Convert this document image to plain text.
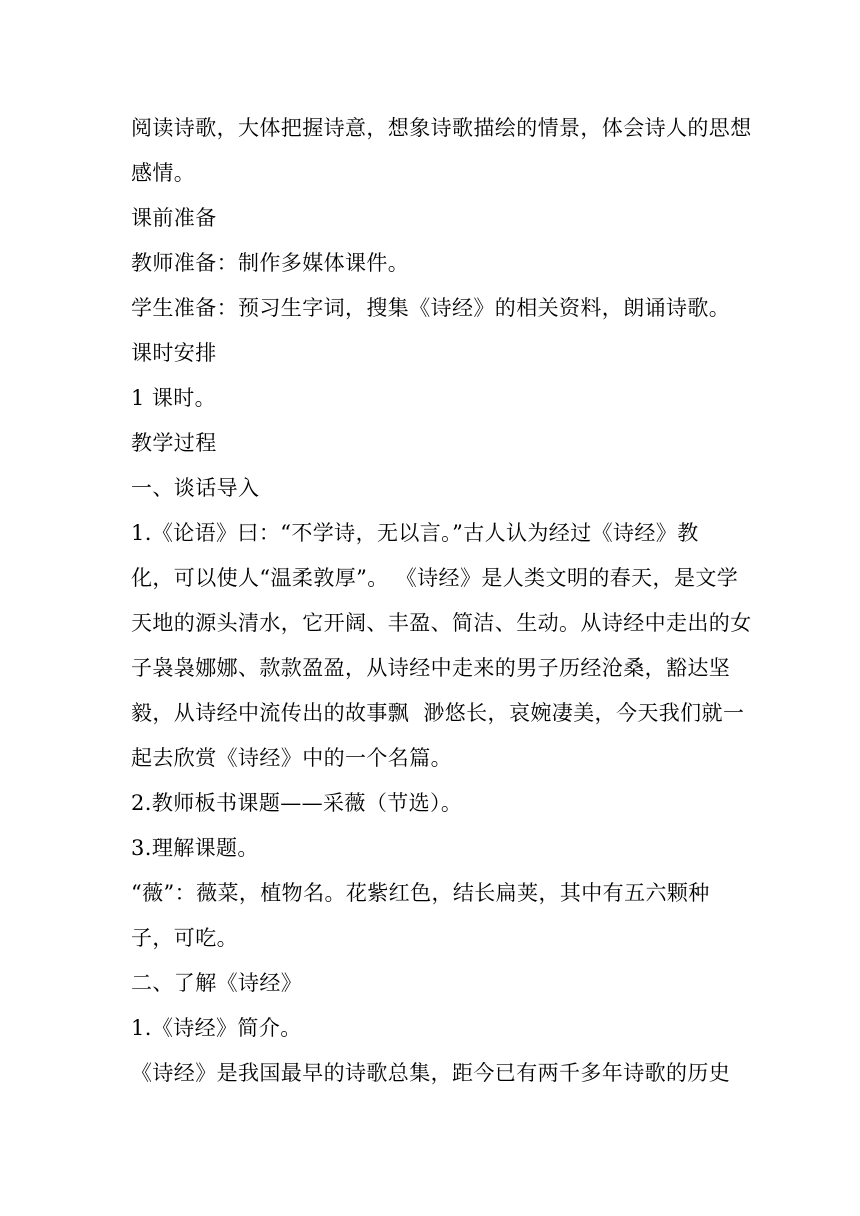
阅读诗歌，大体把握诗意，想象诗歌描绘的情景，体会诗人的思想

感情。

课前准备

教师准备：制作多媒体课件。

学生准备：预习生字词，搜集《诗经》的相关资料，朗诵诗歌。

课时安排

1 课时。

教学过程

一、谈话导入

1.《论语》曰：“不学诗，无以言。”古人认为经过《诗经》教

化，可以使人“温柔敦厚”。 《诗经》是人类文明的春天，是文学

天地的源头清水，它开阔、丰盈、简洁、生动。从诗经中走出的女

子袅袅娜娜、款款盈盈，从诗经中走来的男子历经沧桑，豁达坚

毅，从诗经中流传出的故事飘  渺悠长，哀婉凄美，今天我们就一

起去欣赏《诗经》中的一个名篇。

2.教师板书课题——采薇（节选）。

3.理解课题。

“薇”：薇菜，植物名。花紫红色，结长扁荚，其中有五六颗种

子，可吃。

二、了解《诗经》

1.《诗经》简介。

《诗经》是我国最早的诗歌总集，距今已有两千多年诗歌的历史
